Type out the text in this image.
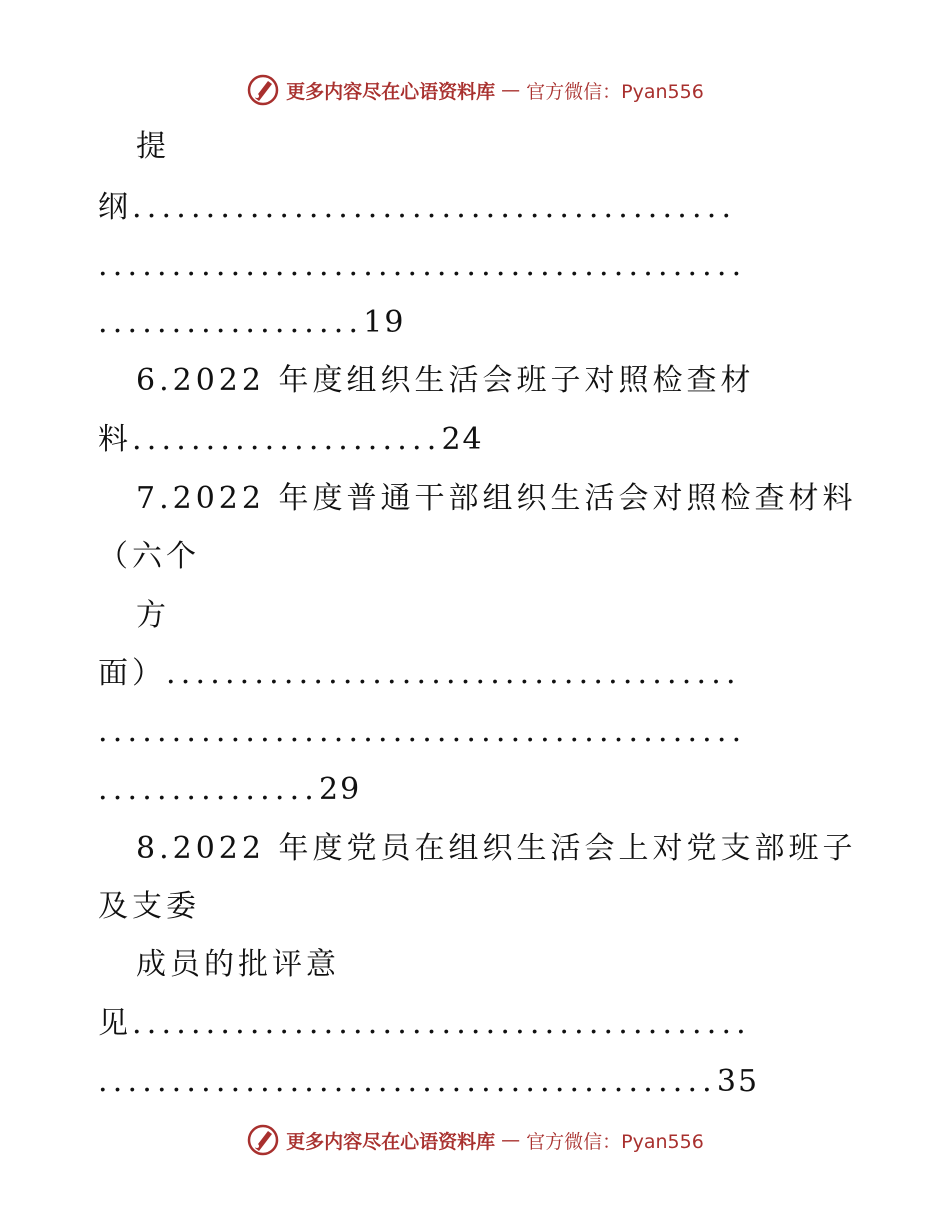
更多内容尽在心语资料库 — 官方微信：Pyan556
提
纲.........................................
............................................
..................19
6.2022 年度组织生活会班子对照检查材
料.....................24
7.2022 年度普通干部组织生活会对照检查材料
（六个
方
面）.......................................
............................................
...............29
8.2022 年度党员在组织生活会上对党支部班子
及支委
成员的批评意
见..........................................
..........................................35
更多内容尽在心语资料库 — 官方微信：Pyan556
